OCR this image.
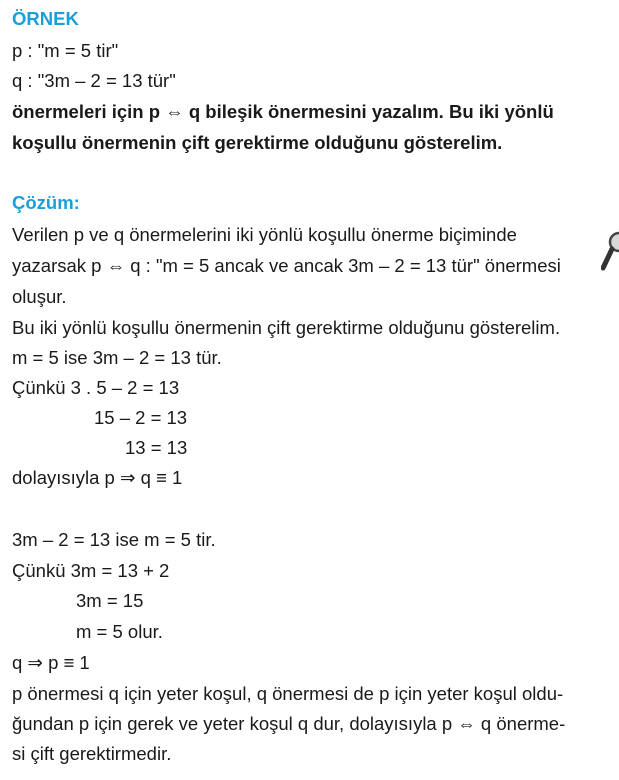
ÖRNEK
p : "m = 5 tir"
q : "3m – 2 = 13 tür"
önermeleri için p ⇔ q bileşik önermesini yazalım. Bu iki yönlü
koşullu önermenin çift gerektirme olduğunu gösterelim.
Çözüm:
Verilen p ve q önermelerini iki yönlü koşullu önerme biçiminde
yazarsak p ⇔ q : "m = 5 ancak ve ancak 3m – 2 = 13 tür" önermesi
oluşur.
Bu iki yönlü koşullu önermenin çift gerektirme olduğunu gösterelim.
m = 5 ise 3m – 2 = 13 tür.
Çünkü 3 . 5 – 2 = 13
15 – 2 = 13
13 = 13
dolayısıyla p ⇒ q ≡ 1
3m – 2 = 13 ise m = 5 tir.
Çünkü 3m = 13 + 2
3m = 15
m = 5 olur.
q ⇒ p ≡ 1
p önermesi q için yeter koşul, q önermesi de p için yeter koşul oldu-
ğundan p için gerek ve yeter koşul q dur, dolayısıyla p ⇔ q önerme-
si çift gerektirmedir.
